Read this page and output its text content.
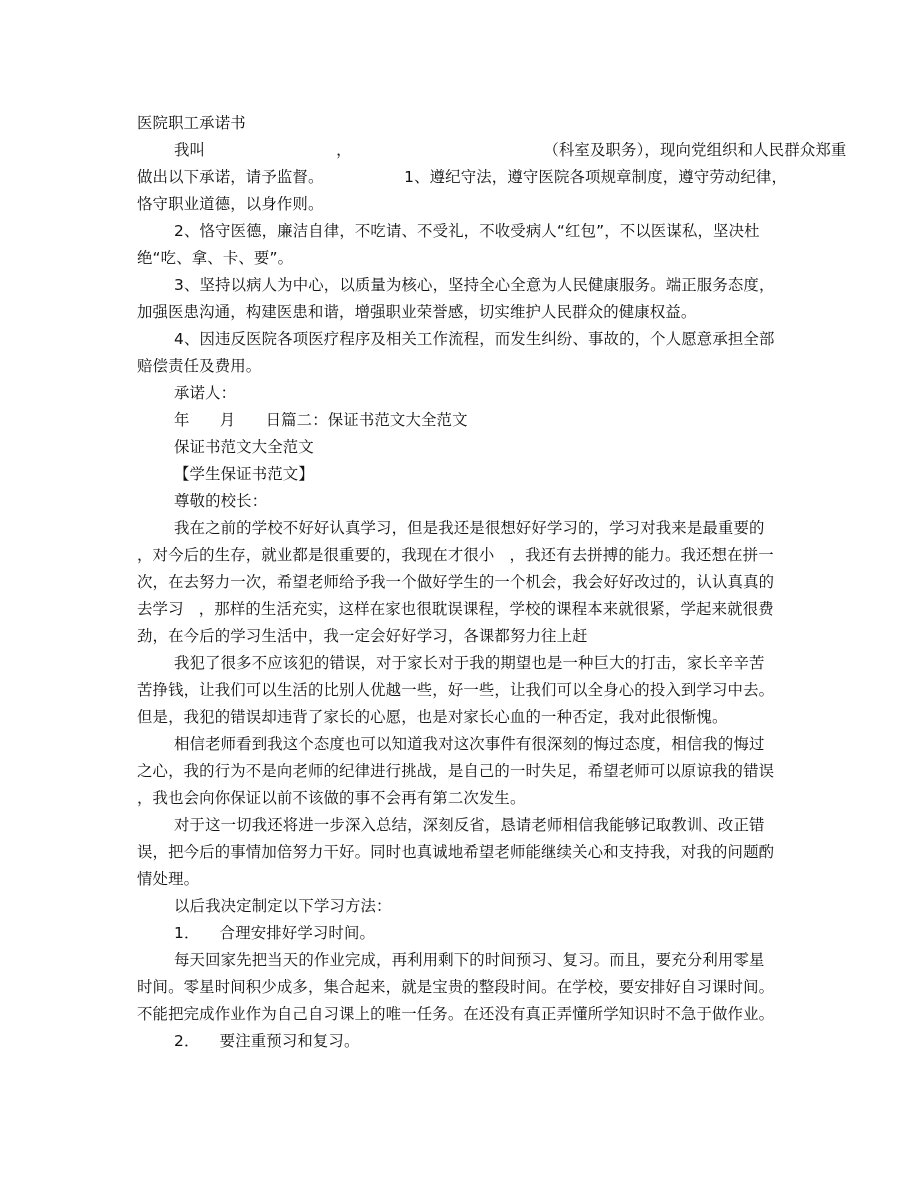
医院职工承诺书
我叫                          ，                                      （科室及职务），现向党组织和人民群众郑重
做出以下承诺，请予监督。                1、遵纪守法，遵守医院各项规章制度，遵守劳动纪律，
恪守职业道德，以身作则。
2、恪守医德，廉洁自律，不吃请、不受礼，不收受病人“红包”，不以医谋私，坚决杜
绝“吃、拿、卡、要”。
3、坚持以病人为中心，以质量为核心，坚持全心全意为人民健康服务。端正服务态度，
加强医患沟通，构建医患和谐，增强职业荣誉感，切实维护人民群众的健康权益。
4、因违反医院各项医疗程序及相关工作流程，而发生纠纷、事故的，个人愿意承担全部
赔偿责任及费用。
承诺人：
年      月      日篇二：保证书范文大全范文
保证书范文大全范文
【学生保证书范文】
尊敬的校长：
我在之前的学校不好好认真学习，但是我还是很想好好学习的，学习对我来是最重要的
，对今后的生存，就业都是很重要的，我现在才很小   ，我还有去拼搏的能力。我还想在拼一
次，在去努力一次，希望老师给予我一个做好学生的一个机会，我会好好改过的，认认真真的
去学习   ，那样的生活充实，这样在家也很耽误课程，学校的课程本来就很紧，学起来就很费
劲，在今后的学习生活中，我一定会好好学习，各课都努力往上赶
我犯了很多不应该犯的错误，对于家长对于我的期望也是一种巨大的打击，家长辛辛苦
苦挣钱，让我们可以生活的比别人优越一些，好一些，让我们可以全身心的投入到学习中去。
但是，我犯的错误却违背了家长的心愿，也是对家长心血的一种否定，我对此很惭愧。
相信老师看到我这个态度也可以知道我对这次事件有很深刻的悔过态度，相信我的悔过
之心，我的行为不是向老师的纪律进行挑战，是自己的一时失足，希望老师可以原谅我的错误
，我也会向你保证以前不该做的事不会再有第二次发生。
对于这一切我还将进一步深入总结，深刻反省，恳请老师相信我能够记取教训、改正错
误，把今后的事情加倍努力干好。同时也真诚地希望老师能继续关心和支持我，对我的问题酌
情处理。
以后我决定制定以下学习方法：
1．    合理安排好学习时间。
每天回家先把当天的作业完成，再利用剩下的时间预习、复习。而且，要充分利用零星
时间。零星时间积少成多，集合起来，就是宝贵的整段时间。在学校，要安排好自习课时间。
不能把完成作业作为自己自习课上的唯一任务。在还没有真正弄懂所学知识时不急于做作业。
2．    要注重预习和复习。
